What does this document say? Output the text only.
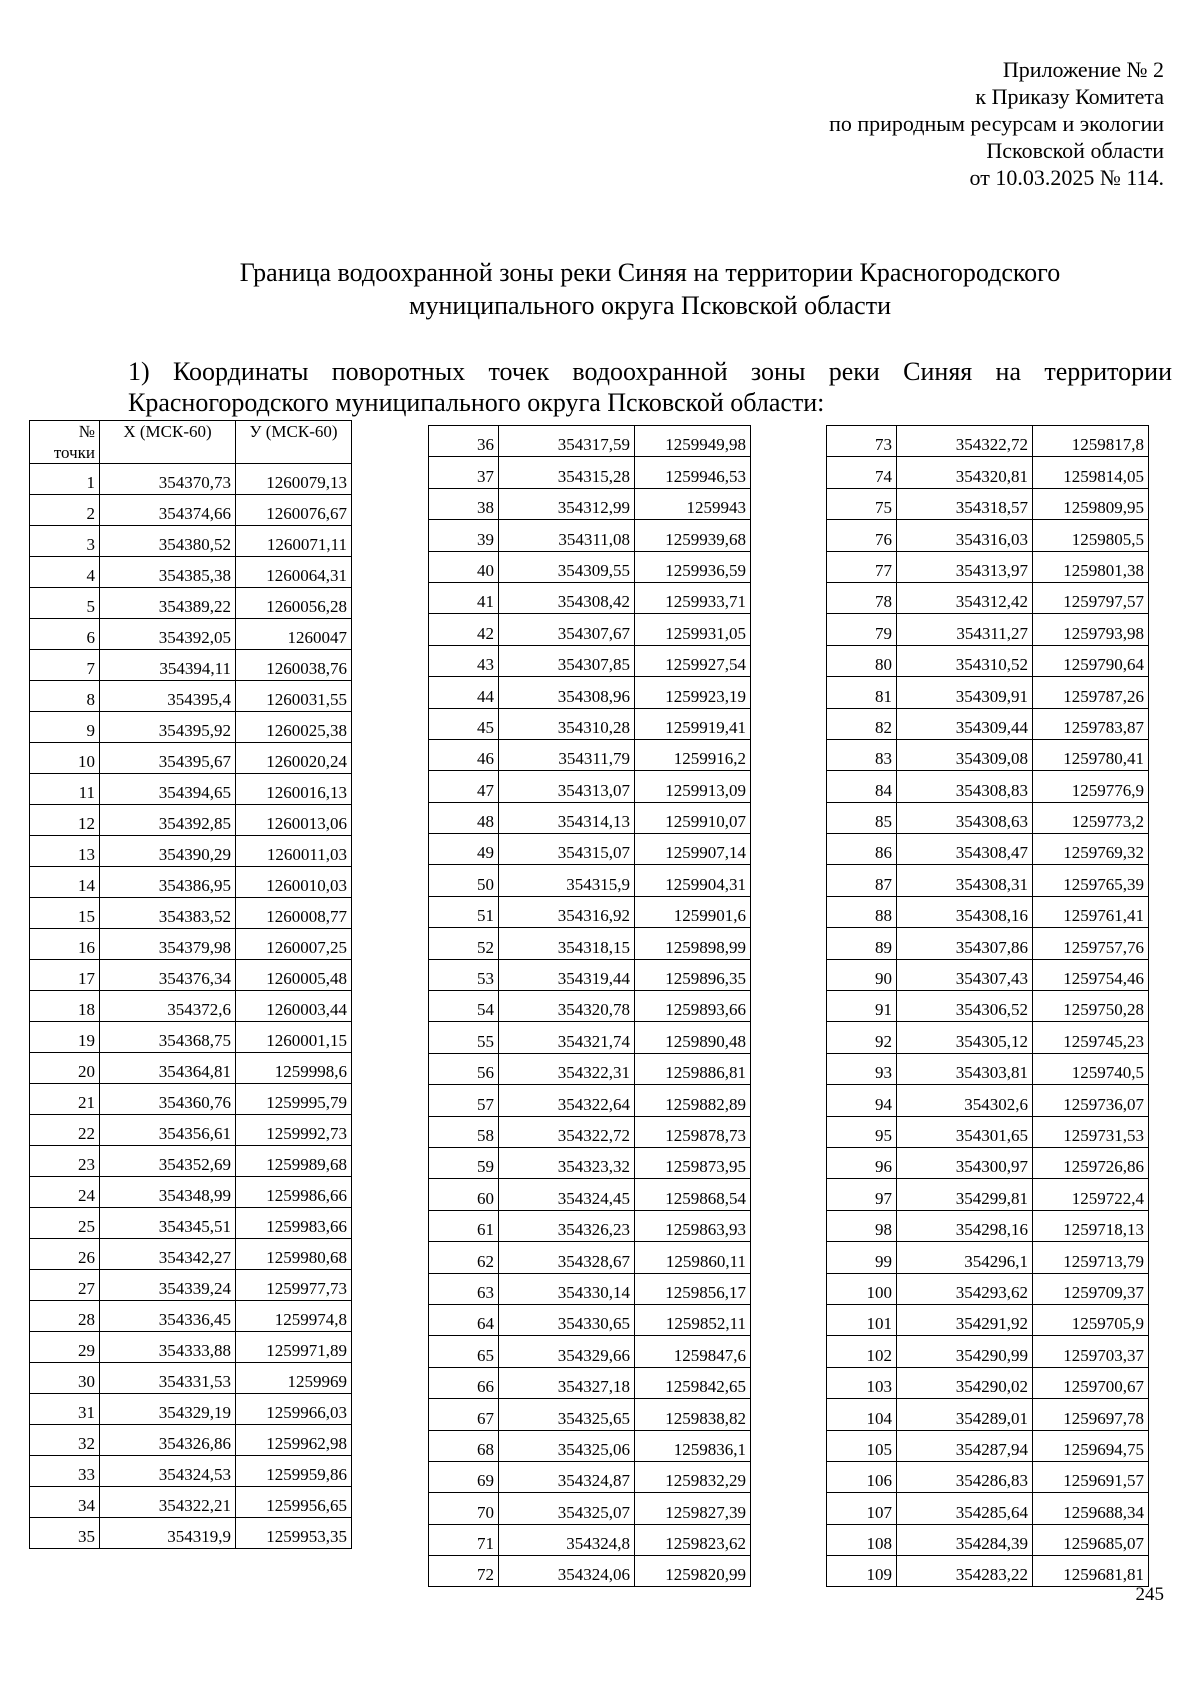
Приложение № 2
к Приказу Комитета
по природным ресурсам и экологии
Псковской области
от 10.03.2025 № 114.
Граница водоохранной зоны реки Синяя на территории Красногородского
муниципального округа Псковской области
1) Координаты поворотных точек водоохранной зоны реки Синяя на территории Красногородского муниципального округа Псковской области:
№ точки	X (МСК-60)	У (МСК-60)
1	354370,73	1260079,13
2	354374,66	1260076,67
3	354380,52	1260071,11
4	354385,38	1260064,31
5	354389,22	1260056,28
6	354392,05	1260047
7	354394,11	1260038,76
8	354395,4	1260031,55
9	354395,92	1260025,38
10	354395,67	1260020,24
11	354394,65	1260016,13
12	354392,85	1260013,06
13	354390,29	1260011,03
14	354386,95	1260010,03
15	354383,52	1260008,77
16	354379,98	1260007,25
17	354376,34	1260005,48
18	354372,6	1260003,44
19	354368,75	1260001,15
20	354364,81	1259998,6
21	354360,76	1259995,79
22	354356,61	1259992,73
23	354352,69	1259989,68
24	354348,99	1259986,66
25	354345,51	1259983,66
26	354342,27	1259980,68
27	354339,24	1259977,73
28	354336,45	1259974,8
29	354333,88	1259971,89
30	354331,53	1259969
31	354329,19	1259966,03
32	354326,86	1259962,98
33	354324,53	1259959,86
34	354322,21	1259956,65
35	354319,9	1259953,35
36	354317,59	1259949,98
37	354315,28	1259946,53
38	354312,99	1259943
39	354311,08	1259939,68
40	354309,55	1259936,59
41	354308,42	1259933,71
42	354307,67	1259931,05
43	354307,85	1259927,54
44	354308,96	1259923,19
45	354310,28	1259919,41
46	354311,79	1259916,2
47	354313,07	1259913,09
48	354314,13	1259910,07
49	354315,07	1259907,14
50	354315,9	1259904,31
51	354316,92	1259901,6
52	354318,15	1259898,99
53	354319,44	1259896,35
54	354320,78	1259893,66
55	354321,74	1259890,48
56	354322,31	1259886,81
57	354322,64	1259882,89
58	354322,72	1259878,73
59	354323,32	1259873,95
60	354324,45	1259868,54
61	354326,23	1259863,93
62	354328,67	1259860,11
63	354330,14	1259856,17
64	354330,65	1259852,11
65	354329,66	1259847,6
66	354327,18	1259842,65
67	354325,65	1259838,82
68	354325,06	1259836,1
69	354324,87	1259832,29
70	354325,07	1259827,39
71	354324,8	1259823,62
72	354324,06	1259820,99
73	354322,72	1259817,8
74	354320,81	1259814,05
75	354318,57	1259809,95
76	354316,03	1259805,5
77	354313,97	1259801,38
78	354312,42	1259797,57
79	354311,27	1259793,98
80	354310,52	1259790,64
81	354309,91	1259787,26
82	354309,44	1259783,87
83	354309,08	1259780,41
84	354308,83	1259776,9
85	354308,63	1259773,2
86	354308,47	1259769,32
87	354308,31	1259765,39
88	354308,16	1259761,41
89	354307,86	1259757,76
90	354307,43	1259754,46
91	354306,52	1259750,28
92	354305,12	1259745,23
93	354303,81	1259740,5
94	354302,6	1259736,07
95	354301,65	1259731,53
96	354300,97	1259726,86
97	354299,81	1259722,4
98	354298,16	1259718,13
99	354296,1	1259713,79
100	354293,62	1259709,37
101	354291,92	1259705,9
102	354290,99	1259703,37
103	354290,02	1259700,67
104	354289,01	1259697,78
105	354287,94	1259694,75
106	354286,83	1259691,57
107	354285,64	1259688,34
108	354284,39	1259685,07
109	354283,22	1259681,81
245
